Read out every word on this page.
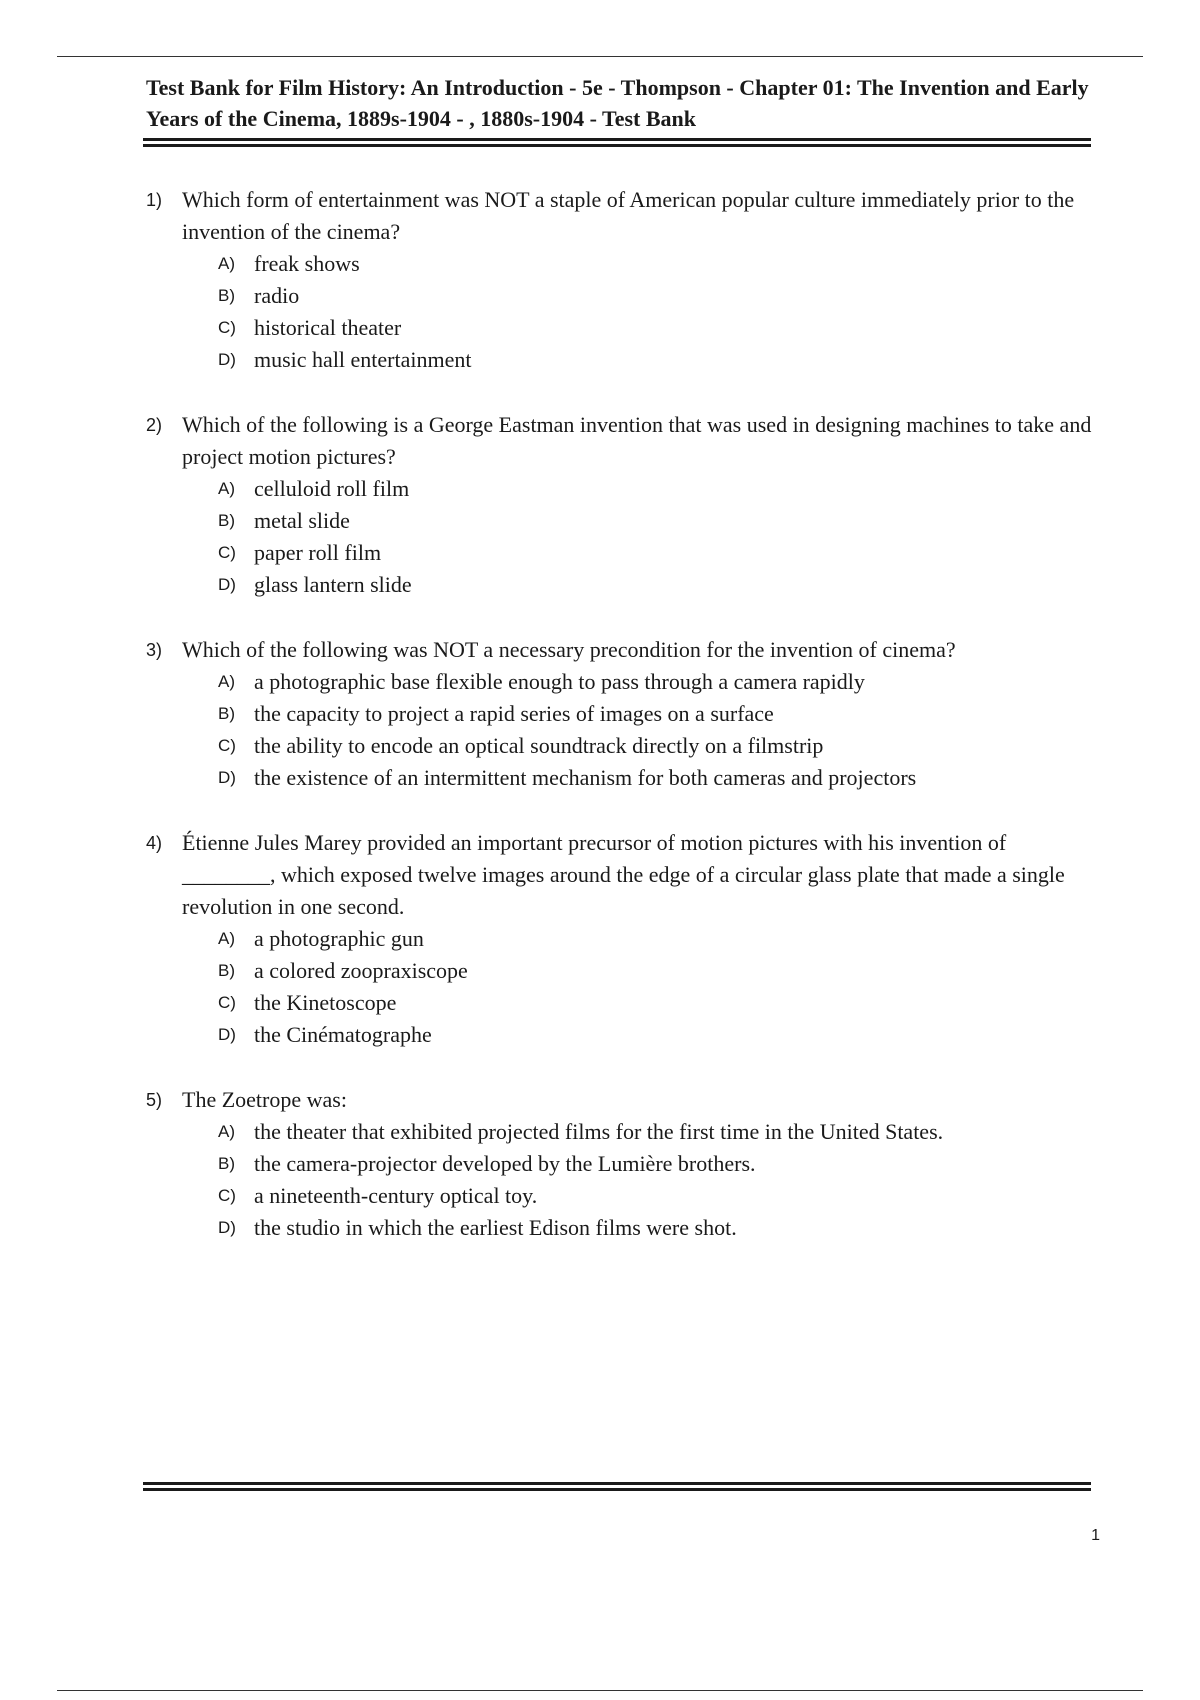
Test Bank for Film History: An Introduction - 5e - Thompson - Chapter 01: The Invention and Early Years of the Cinema, 1889s-1904 - , 1880s-1904 - Test Bank
1) Which form of entertainment was NOT a staple of American popular culture immediately prior to the invention of the cinema?
A) freak shows
B) radio
C) historical theater
D) music hall entertainment
2) Which of the following is a George Eastman invention that was used in designing machines to take and project motion pictures?
A) celluloid roll film
B) metal slide
C) paper roll film
D) glass lantern slide
3) Which of the following was NOT a necessary precondition for the invention of cinema?
A) a photographic base flexible enough to pass through a camera rapidly
B) the capacity to project a rapid series of images on a surface
C) the ability to encode an optical soundtrack directly on a filmstrip
D) the existence of an intermittent mechanism for both cameras and projectors
4) Étienne Jules Marey provided an important precursor of motion pictures with his invention of ________, which exposed twelve images around the edge of a circular glass plate that made a single revolution in one second.
A) a photographic gun
B) a colored zoopraxiscope
C) the Kinetoscope
D) the Cinématographe
5) The Zoetrope was:
A) the theater that exhibited projected films for the first time in the United States.
B) the camera-projector developed by the Lumière brothers.
C) a nineteenth-century optical toy.
D) the studio in which the earliest Edison films were shot.
1
